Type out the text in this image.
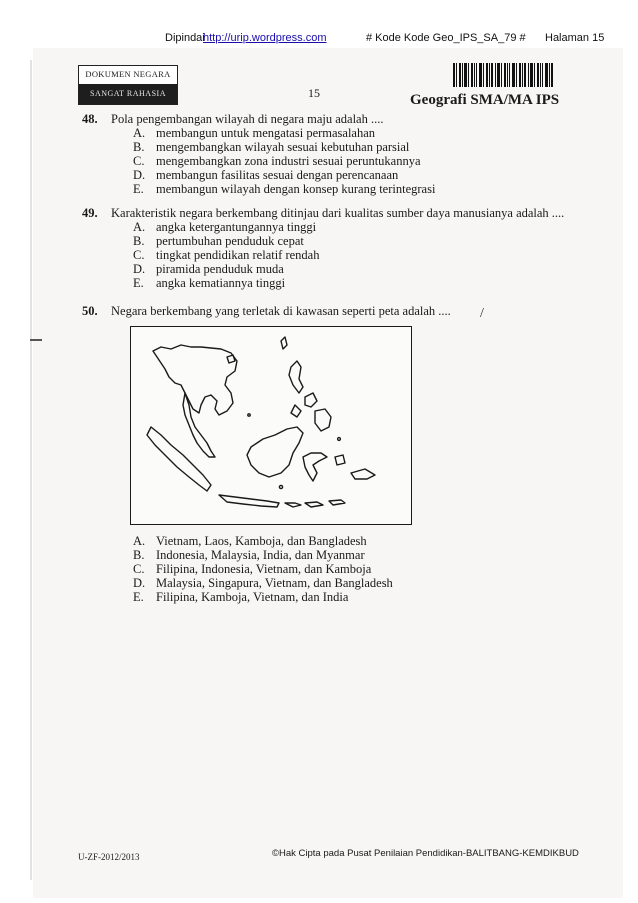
Dipindai
http://urip.wordpress.com	# Kode Kode Geo_IPS_SA_79 # Halaman 15
DOKUMEN NEGARA
SANGAT RAHASIA	15	Geografi SMA/MA IPS
48. Pola pengembangan wilayah di negara maju adalah ....
A. membangun untuk mengatasi permasalahan
B. mengembangkan wilayah sesuai kebutuhan parsial
C. mengembangkan zona industri sesuai peruntukannya
D. membangun fasilitas sesuai dengan perencanaan
E. membangun wilayah dengan konsep kurang terintegrasi
49. Karakteristik negara berkembang ditinjau dari kualitas sumber daya manusianya adalah ....
A. angka ketergantungannya tinggi
B. pertumbuhan penduduk cepat
C. tingkat pendidikan relatif rendah
D. piramida penduduk muda
E. angka kematiannya tinggi
50. Negara berkembang yang terletak di kawasan seperti peta adalah .... /
A. Vietnam, Laos, Kamboja, dan Bangladesh
B. Indonesia, Malaysia, India, dan Myanmar
C. Filipina, Indonesia, Vietnam, dan Kamboja
D. Malaysia, Singapura, Vietnam, dan Bangladesh
E. Filipina, Kamboja, Vietnam, dan India
U-ZF-2012/2013	©Hak Cipta pada Pusat Penilaian Pendidikan-BALITBANG-KEMDIKBUD
